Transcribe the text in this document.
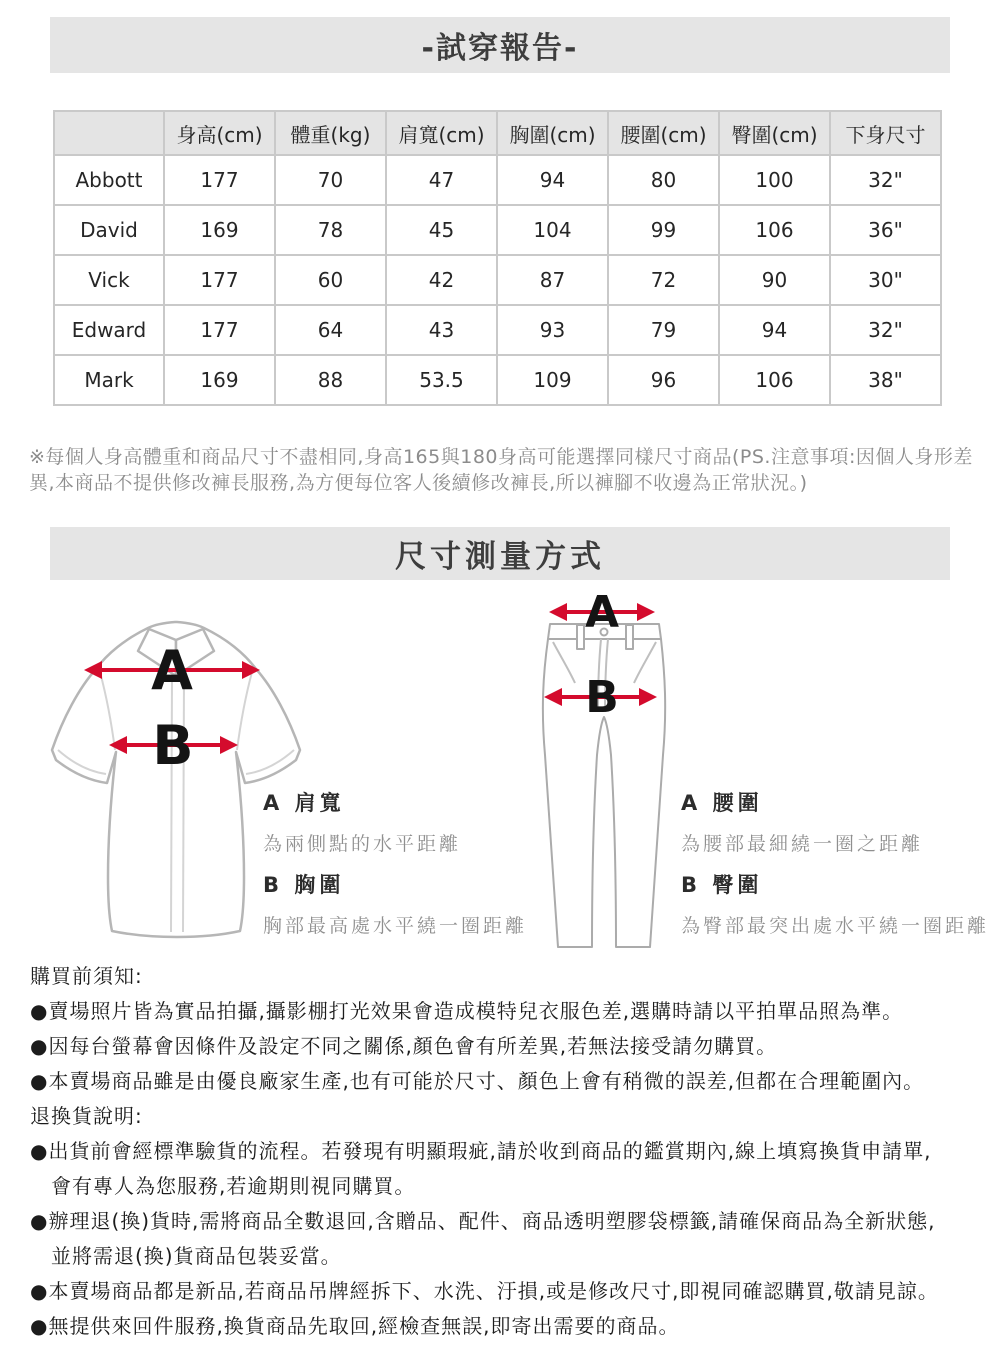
-試穿報告-
	身高(cm)	體重(kg)	肩寬(cm)	胸圍(cm)	腰圍(cm)	臀圍(cm)	下身尺寸
Abbott	177	70	47	94	80	100	32"
David	169	78	45	104	99	106	36"
Vick	177	60	42	87	72	90	30"
Edward	177	64	43	93	79	94	32"
Mark	169	88	53.5	109	96	106	38"
※每個人身高體重和商品尺寸不盡相同,身高165與180身高可能選擇同樣尺寸商品(PS.注意事項:因個人身形差異,本商品不提供修改褲長服務,為方便每位客人後續修改褲長,所以褲腳不收邊為正常狀況。)
尺寸測量方式
A
B
A
B
A 肩寬
為兩側點的水平距離
B 胸圍
胸部最高處水平繞一圈距離
A 腰圍
為腰部最細繞一圈之距離
B 臀圍
為臀部最突出處水平繞一圈距離
購買前須知:
●賣場照片皆為實品拍攝,攝影棚打光效果會造成模特兒衣服色差,選購時請以平拍單品照為準。
●因每台螢幕會因條件及設定不同之關係,顏色會有所差異,若無法接受請勿購買。
●本賣場商品雖是由優良廠家生產,也有可能於尺寸、顏色上會有稍微的誤差,但都在合理範圍內。
退換貨說明:
●出貨前會經標準驗貨的流程。若發現有明顯瑕疵,請於收到商品的鑑賞期內,線上填寫換貨申請單,
會有專人為您服務,若逾期則視同購買。
●辦理退(換)貨時,需將商品全數退回,含贈品、配件、商品透明塑膠袋標籤,請確保商品為全新狀態,
並將需退(換)貨商品包裝妥當。
●本賣場商品都是新品,若商品吊牌經拆下、水洗、汙損,或是修改尺寸,即視同確認購買,敬請見諒。
●無提供來回件服務,換貨商品先取回,經檢查無誤,即寄出需要的商品。
